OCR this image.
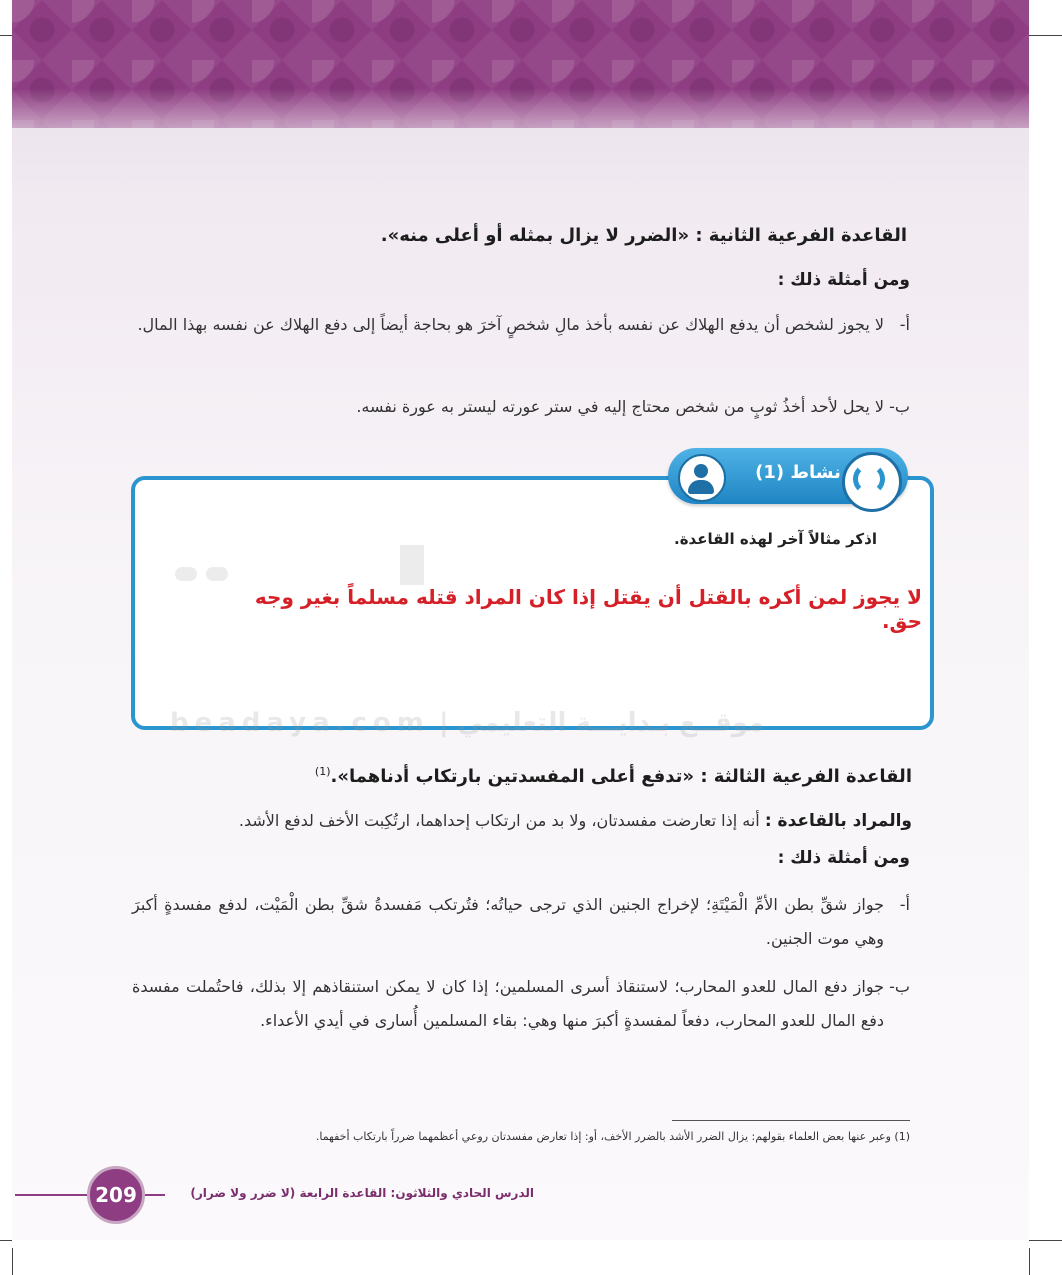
القاعدة الفرعية الثانية : «الضرر لا يزال بمثله أو أعلى منه».
ومن أمثلة ذلك :
أ-
لا يجوز لشخص أن يدفع الهلاك عن نفسه بأخذ مالِ شخصٍ آخرَ هو بحاجة أيضاً إلى دفع الهلاك عن نفسه بهذا المال.
ب-
لا يحل لأحد أخذُ ثوبٍ من شخص محتاج إليه في ستر عورته ليستر به عورة نفسه.
نشاط (1)
اذكر مثالاً آخر لهذه القاعدة.
لا يجوز لمن أكره بالقتل أن يقتل إذا كان المراد قتله مسلماً بغير وجه حق.
موقــع بـدايـــة التعليمي | beadaya.com
القاعدة الفرعية الثالثة : «تدفع أعلى المفسدتين بارتكاب أدناهما».$^{(1)}$
والمراد بالقاعدة : أنه إذا تعارضت مفسدتان، ولا بد من ارتكاب إحداهما، ارتُكِبت الأخف لدفع الأشد.
ومن أمثلة ذلك :
أ-
جواز شقِّ بطن الأمِّ الْمَيْتَةِ؛ لإخراج الجنين الذي ترجى حياتُه؛ فتُرتكب مَفسدةُ شقِّ بطن الْمَيْت، لدفع مفسدةٍ أكبرَ وهي موت الجنين.
ب-
جواز دفع المال للعدو المحارب؛ لاستنقاذ أسرى المسلمين؛ إذا كان لا يمكن استنقاذهم إلا بذلك، فاحتُملت مفسدة دفع المال للعدو المحارب، دفعاً لمفسدةٍ أكبرَ منها وهي: بقاء المسلمين أُسارى في أيدي الأعداء.
(1) وعبر عنها بعض العلماء بقولهم: يزال الضرر الأشد بالضرر الأخف، أو: إذا تعارض مفسدتان روعي أعظمهما ضرراً بارتكاب أخفهما.
209	الدرس الحادي والثلاثون: القاعدة الرابعة (لا ضرر ولا ضرار)
